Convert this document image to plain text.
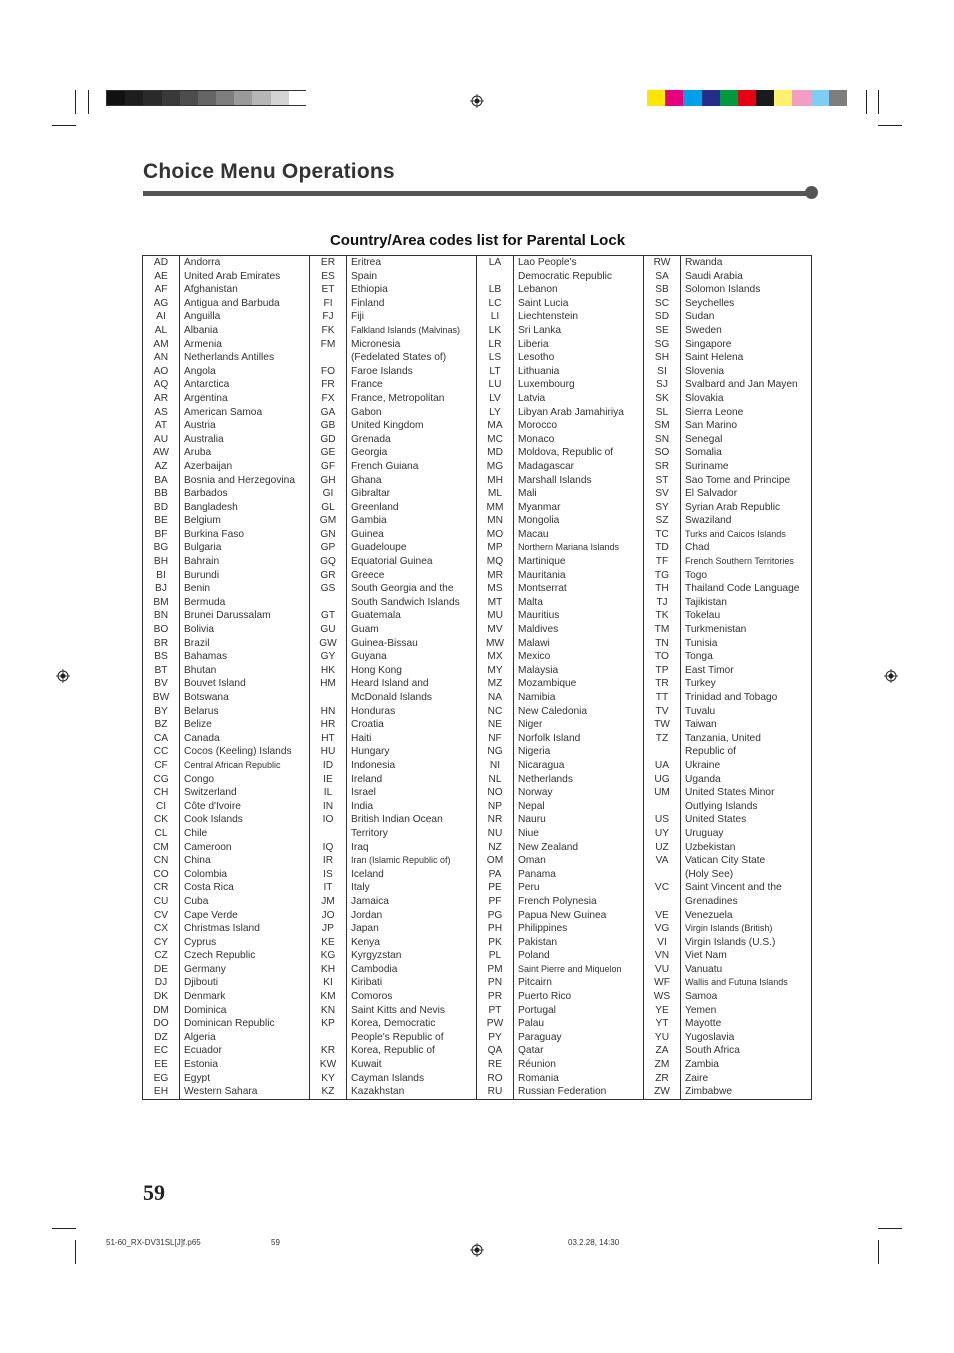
Choice Menu Operations
Country/Area codes list for Parental Lock
AD	Andorra	ER	Eritrea	LA	Lao People's	RW	Rwanda
AE	United Arab Emirates	ES	Spain		Democratic Republic	SA	Saudi Arabia
AF	Afghanistan	ET	Ethiopia	LB	Lebanon	SB	Solomon Islands
AG	Antigua and Barbuda	FI	Finland	LC	Saint Lucia	SC	Seychelles
AI	Anguilla	FJ	Fiji	LI	Liechtenstein	SD	Sudan
AL	Albania	FK	Falkland Islands (Malvinas)	LK	Sri Lanka	SE	Sweden
AM	Armenia	FM	Micronesia	LR	Liberia	SG	Singapore
AN	Netherlands Antilles		(Fedelated States of)	LS	Lesotho	SH	Saint Helena
AO	Angola	FO	Faroe Islands	LT	Lithuania	SI	Slovenia
AQ	Antarctica	FR	France	LU	Luxembourg	SJ	Svalbard and Jan Mayen
AR	Argentina	FX	France, Metropolitan	LV	Latvia	SK	Slovakia
AS	American Samoa	GA	Gabon	LY	Libyan Arab Jamahiriya	SL	Sierra Leone
AT	Austria	GB	United Kingdom	MA	Morocco	SM	San Marino
AU	Australia	GD	Grenada	MC	Monaco	SN	Senegal
AW	Aruba	GE	Georgia	MD	Moldova, Republic of	SO	Somalia
AZ	Azerbaijan	GF	French Guiana	MG	Madagascar	SR	Suriname
BA	Bosnia and Herzegovina	GH	Ghana	MH	Marshall Islands	ST	Sao Tome and Principe
BB	Barbados	GI	Gibraltar	ML	Mali	SV	El Salvador
BD	Bangladesh	GL	Greenland	MM	Myanmar	SY	Syrian Arab Republic
BE	Belgium	GM	Gambia	MN	Mongolia	SZ	Swaziland
BF	Burkina Faso	GN	Guinea	MO	Macau	TC	Turks and Caicos Islands
BG	Bulgaria	GP	Guadeloupe	MP	Northern Mariana Islands	TD	Chad
BH	Bahrain	GQ	Equatorial Guinea	MQ	Martinique	TF	French Southern Territories
BI	Burundi	GR	Greece	MR	Mauritania	TG	Togo
BJ	Benin	GS	South Georgia and the	MS	Montserrat	TH	Thailand Code Language
BM	Bermuda		South Sandwich Islands	MT	Malta	TJ	Tajikistan
BN	Brunei Darussalam	GT	Guatemala	MU	Mauritius	TK	Tokelau
BO	Bolivia	GU	Guam	MV	Maldives	TM	Turkmenistan
BR	Brazil	GW	Guinea-Bissau	MW	Malawi	TN	Tunisia
BS	Bahamas	GY	Guyana	MX	Mexico	TO	Tonga
BT	Bhutan	HK	Hong Kong	MY	Malaysia	TP	East Timor
BV	Bouvet Island	HM	Heard Island and	MZ	Mozambique	TR	Turkey
BW	Botswana		McDonald Islands	NA	Namibia	TT	Trinidad and Tobago
BY	Belarus	HN	Honduras	NC	New Caledonia	TV	Tuvalu
BZ	Belize	HR	Croatia	NE	Niger	TW	Taiwan
CA	Canada	HT	Haiti	NF	Norfolk Island	TZ	Tanzania, United
CC	Cocos (Keeling) Islands	HU	Hungary	NG	Nigeria		Republic of
CF	Central African Republic	ID	Indonesia	NI	Nicaragua	UA	Ukraine
CG	Congo	IE	Ireland	NL	Netherlands	UG	Uganda
CH	Switzerland	IL	Israel	NO	Norway	UM	United States Minor
CI	Côte d'Ivoire	IN	India	NP	Nepal		Outlying Islands
CK	Cook Islands	IO	British Indian Ocean	NR	Nauru	US	United States
CL	Chile		Territory	NU	Niue	UY	Uruguay
CM	Cameroon	IQ	Iraq	NZ	New Zealand	UZ	Uzbekistan
CN	China	IR	Iran (Islamic Republic of)	OM	Oman	VA	Vatican City State
CO	Colombia	IS	Iceland	PA	Panama		(Holy See)
CR	Costa Rica	IT	Italy	PE	Peru	VC	Saint Vincent and the
CU	Cuba	JM	Jamaica	PF	French Polynesia		Grenadines
CV	Cape Verde	JO	Jordan	PG	Papua New Guinea	VE	Venezuela
CX	Christmas Island	JP	Japan	PH	Philippines	VG	Virgin Islands (British)
CY	Cyprus	KE	Kenya	PK	Pakistan	VI	Virgin Islands (U.S.)
CZ	Czech Republic	KG	Kyrgyzstan	PL	Poland	VN	Viet Nam
DE	Germany	KH	Cambodia	PM	Saint Pierre and Miquelon	VU	Vanuatu
DJ	Djibouti	KI	Kiribati	PN	Pitcairn	WF	Wallis and Futuna Islands
DK	Denmark	KM	Comoros	PR	Puerto Rico	WS	Samoa
DM	Dominica	KN	Saint Kitts and Nevis	PT	Portugal	YE	Yemen
DO	Dominican Republic	KP	Korea, Democratic	PW	Palau	YT	Mayotte
DZ	Algeria		People's Republic of	PY	Paraguay	YU	Yugoslavia
EC	Ecuador	KR	Korea, Republic of	QA	Qatar	ZA	South Africa
EE	Estonia	KW	Kuwait	RE	Réunion	ZM	Zambia
EG	Egypt	KY	Cayman Islands	RO	Romania	ZR	Zaire
EH	Western Sahara	KZ	Kazakhstan	RU	Russian Federation	ZW	Zimbabwe
59
51-60_RX-DV31SL[J]f.p65	59	03.2.28, 14:30
